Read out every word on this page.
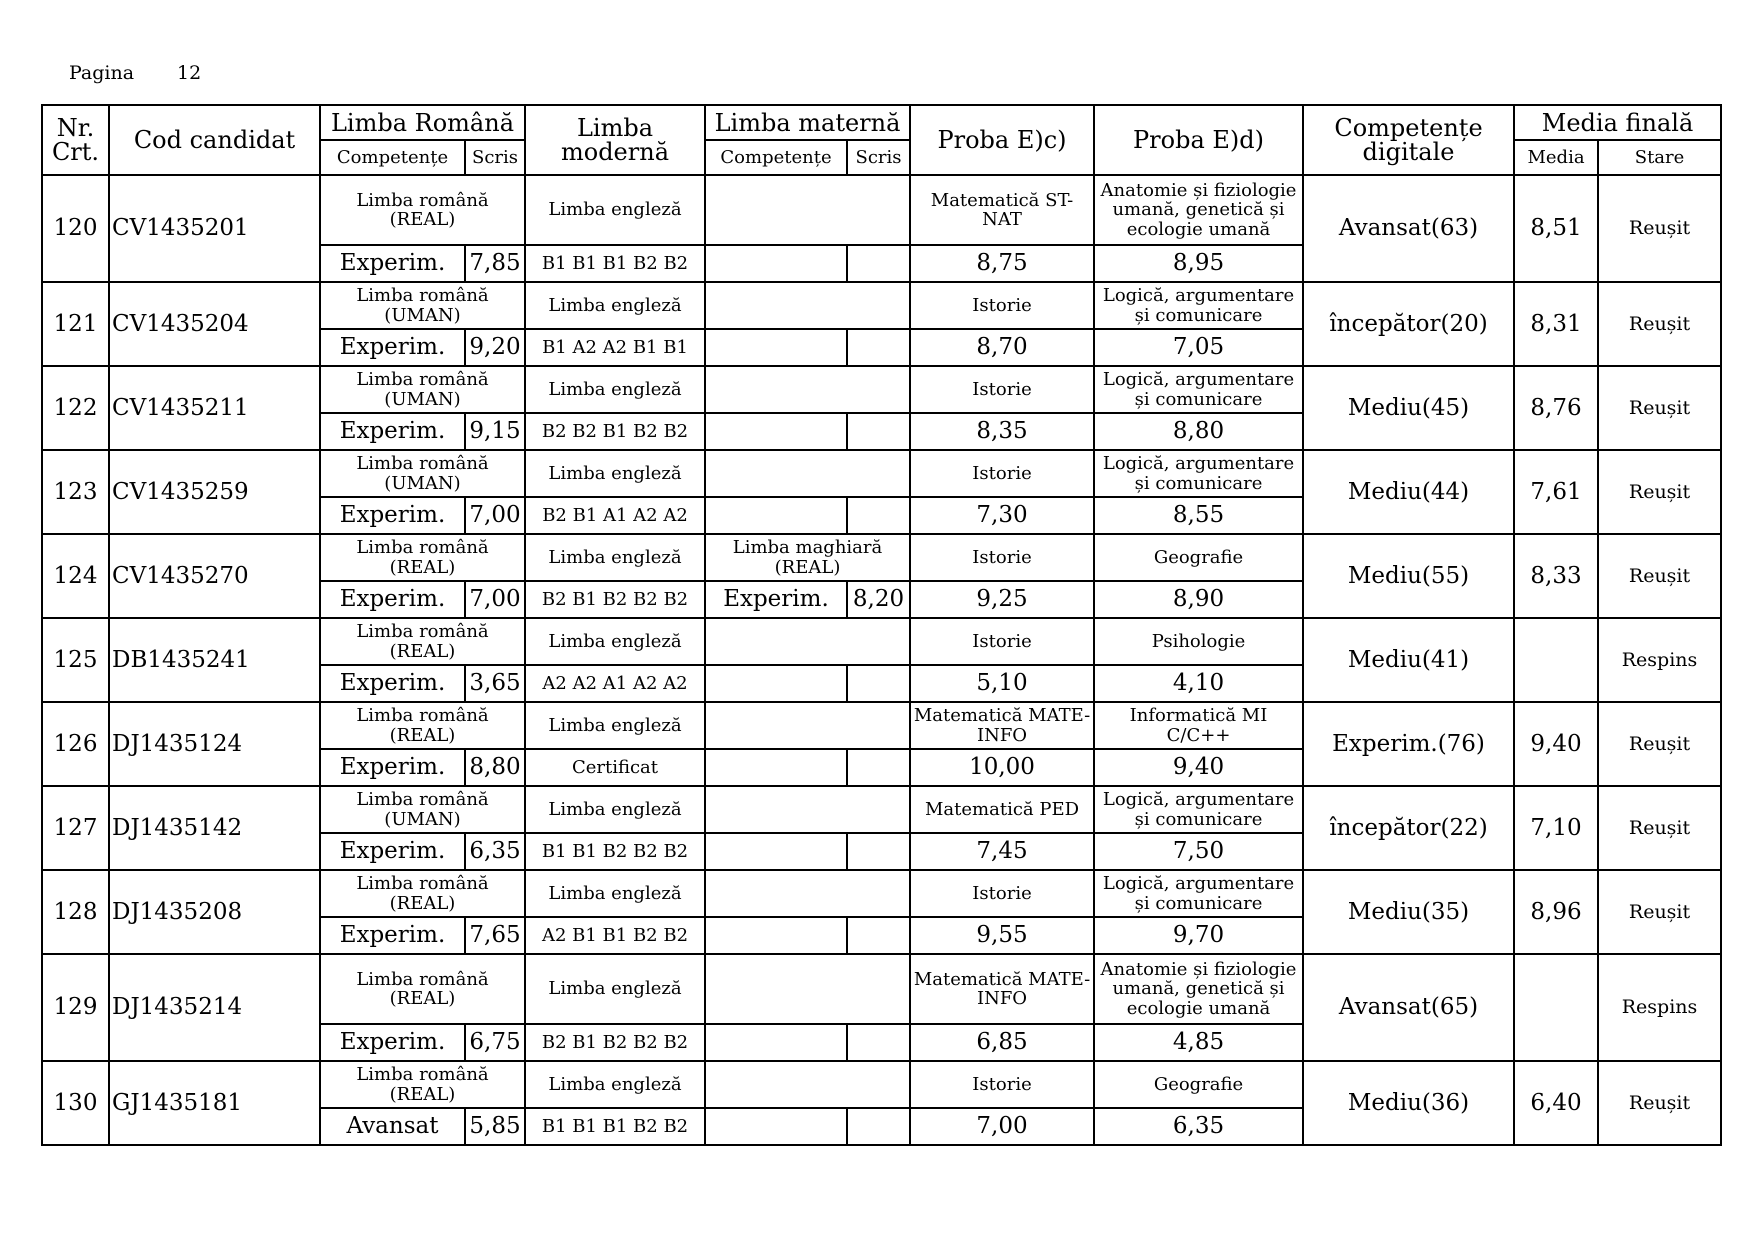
Pagina 12
Nr. Crt.	Cod candidat	Limba Română		Limba modernă	Limba maternă		Proba E)c)	Proba E)d)	Competențe digitale	Media finală	
		Competențe	Scris		Competențe	Scris				Media	Stare
120	CV1435201	Limba română (REAL)		Limba engleză			Matematică ST-NAT	Anatomie și fiziologie umană, genetică și ecologie umană	Avansat(63)	8,51	Reușit
		Experim.	7,85	B1 B1 B1 B2 B2			8,75	8,95			
121	CV1435204	Limba română (UMAN)		Limba engleză			Istorie	Logică, argumentare și comunicare	începător(20)	8,31	Reușit
		Experim.	9,20	B1 A2 A2 B1 B1			8,70	7,05			
122	CV1435211	Limba română (UMAN)		Limba engleză			Istorie	Logică, argumentare și comunicare	Mediu(45)	8,76	Reușit
		Experim.	9,15	B2 B2 B1 B2 B2			8,35	8,80			
123	CV1435259	Limba română (UMAN)		Limba engleză			Istorie	Logică, argumentare și comunicare	Mediu(44)	7,61	Reușit
		Experim.	7,00	B2 B1 A1 A2 A2			7,30	8,55			
124	CV1435270	Limba română (REAL)		Limba engleză	Limba maghiară (REAL)		Istorie	Geografie	Mediu(55)	8,33	Reușit
		Experim.	7,00	B2 B1 B2 B2 B2	Experim.	8,20	9,25	8,90			
125	DB1435241	Limba română (REAL)		Limba engleză			Istorie	Psihologie	Mediu(41)		Respins
		Experim.	3,65	A2 A2 A1 A2 A2			5,10	4,10			
126	DJ1435124	Limba română (REAL)		Limba engleză			Matematică MATE-INFO	Informatică MI C/C++	Experim.(76)	9,40	Reușit
		Experim.	8,80	Certificat			10,00	9,40			
127	DJ1435142	Limba română (UMAN)		Limba engleză			Matematică PED	Logică, argumentare și comunicare	începător(22)	7,10	Reușit
		Experim.	6,35	B1 B1 B2 B2 B2			7,45	7,50			
128	DJ1435208	Limba română (REAL)		Limba engleză			Istorie	Logică, argumentare și comunicare	Mediu(35)	8,96	Reușit
		Experim.	7,65	A2 B1 B1 B2 B2			9,55	9,70			
129	DJ1435214	Limba română (REAL)		Limba engleză			Matematică MATE-INFO	Anatomie și fiziologie umană, genetică și ecologie umană	Avansat(65)		Respins
		Experim.	6,75	B2 B1 B2 B2 B2			6,85	4,85			
130	GJ1435181	Limba română (REAL)		Limba engleză			Istorie	Geografie	Mediu(36)	6,40	Reușit
		Avansat	5,85	B1 B1 B1 B2 B2			7,00	6,35			
